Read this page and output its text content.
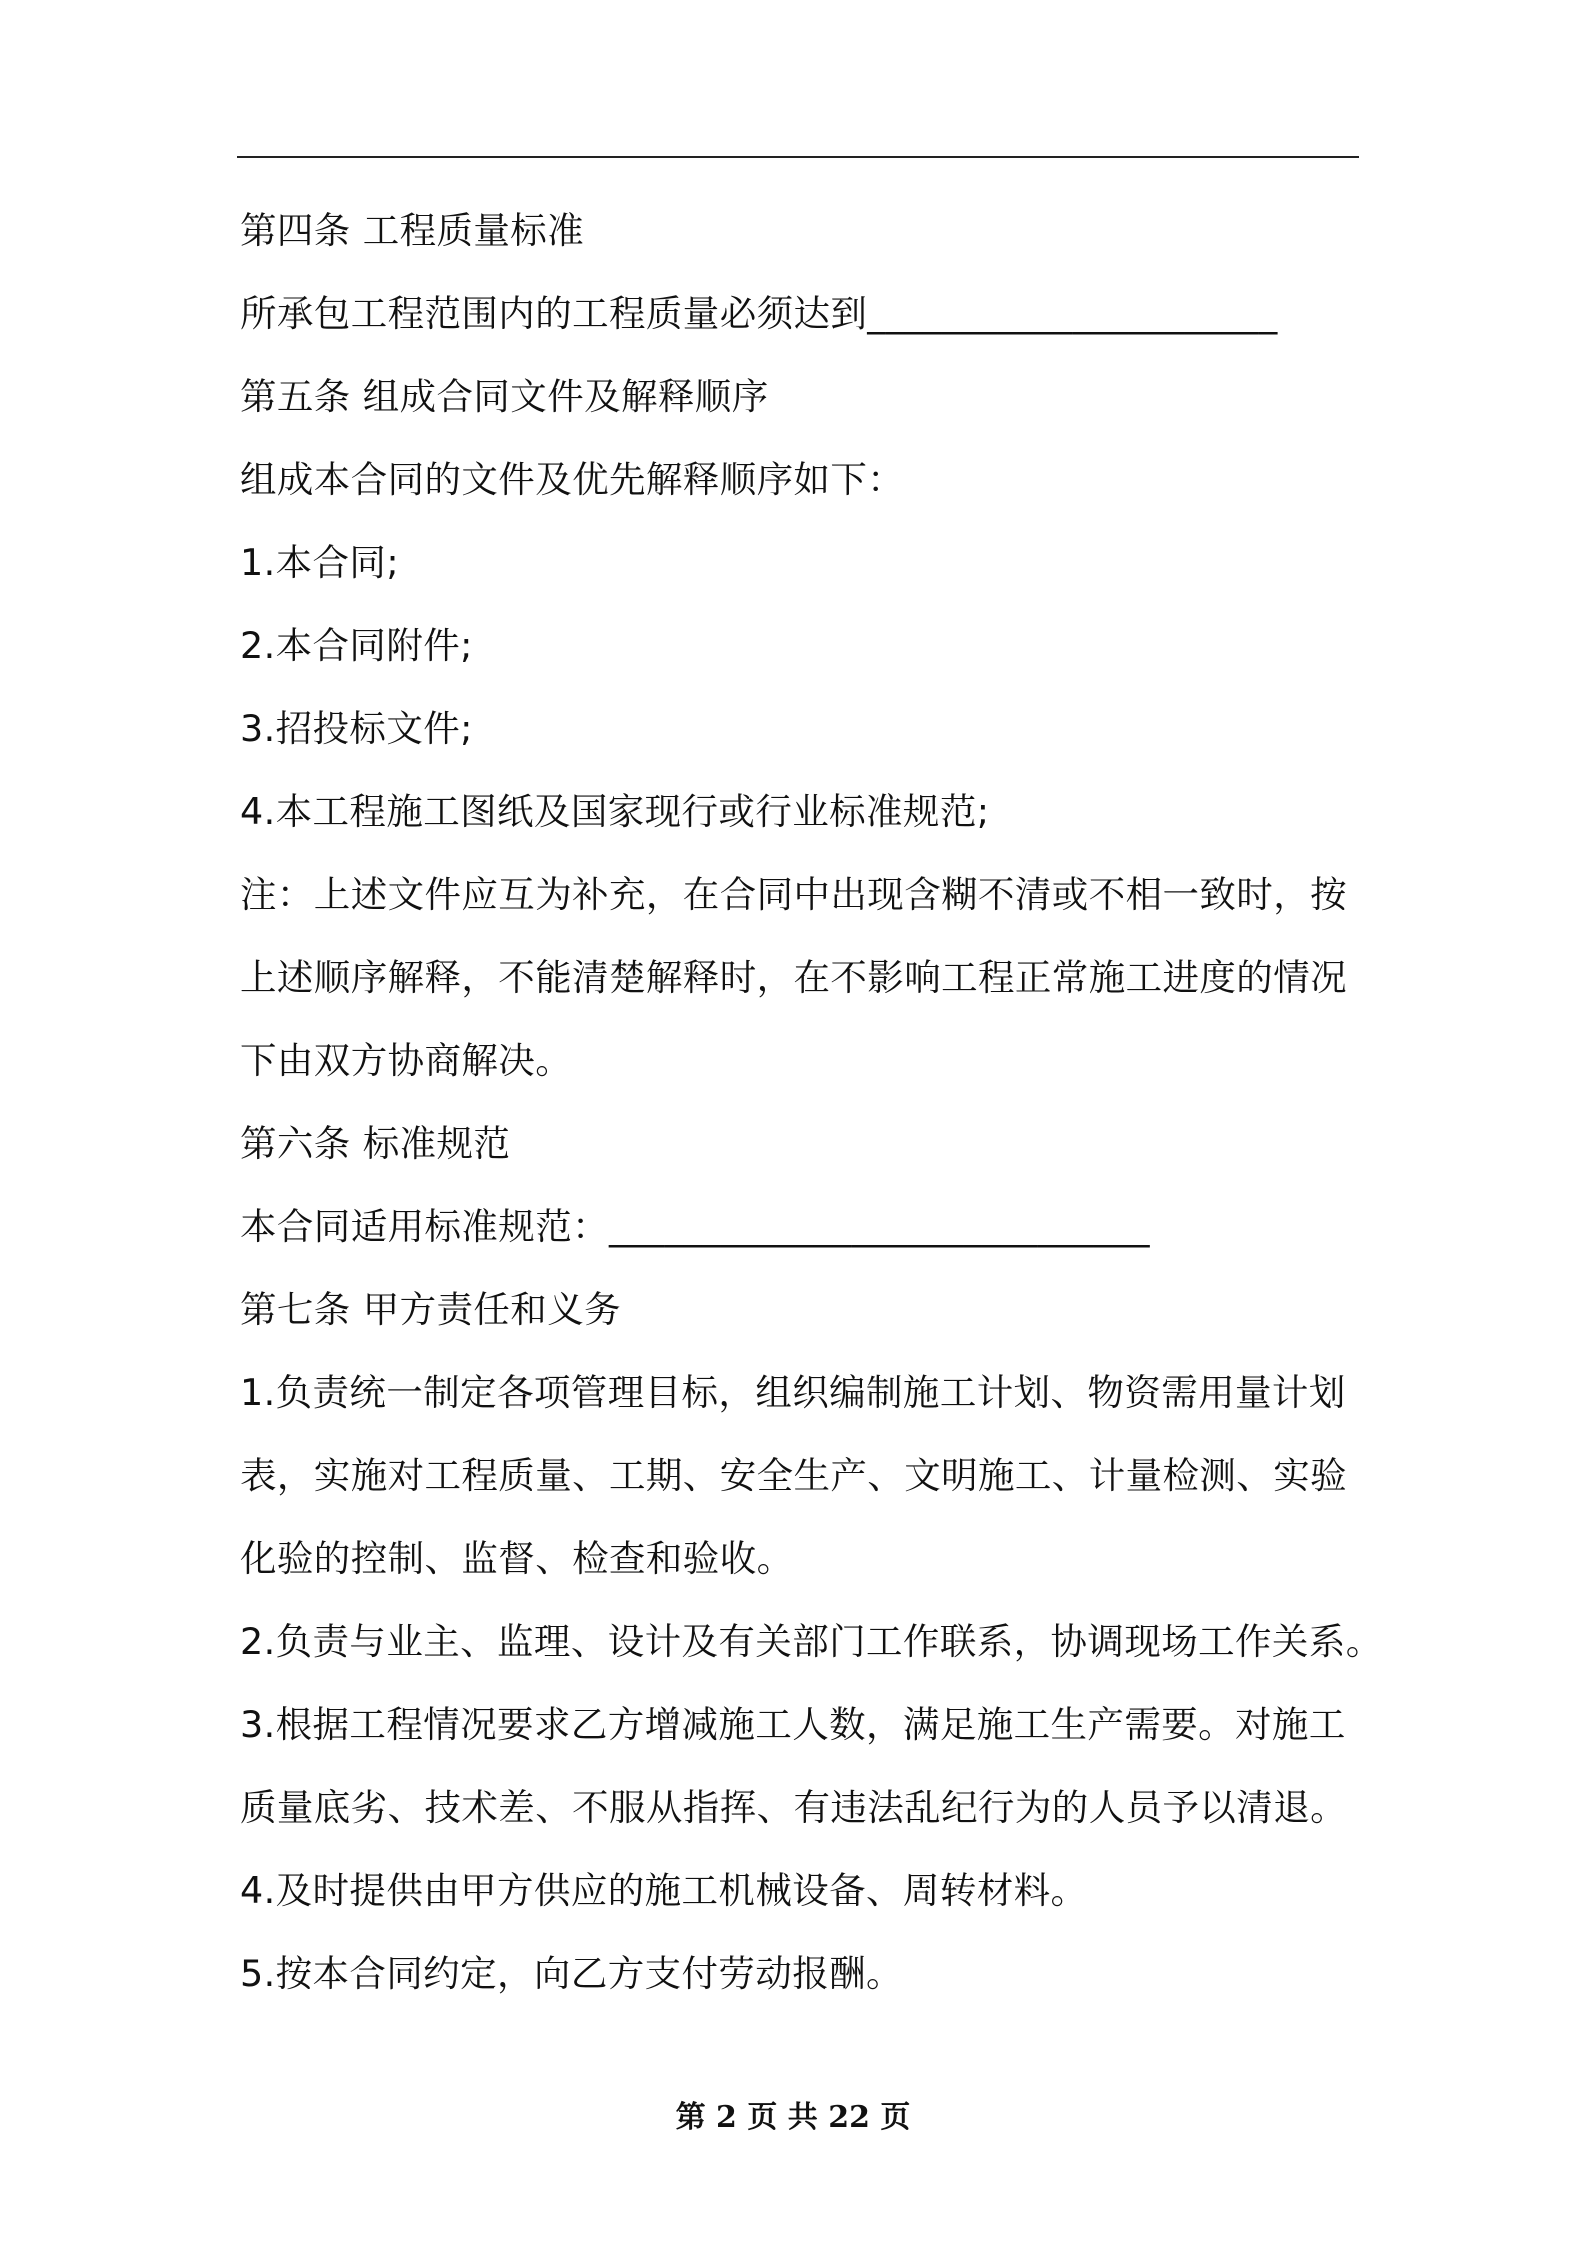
第四条 工程质量标准
所承包工程范围内的工程质量必须达到______________________
第五条 组成合同文件及解释顺序
组成本合同的文件及优先解释顺序如下：
1.本合同;
2.本合同附件;
3.招投标文件;
4.本工程施工图纸及国家现行或行业标准规范;
注：上述文件应互为补充，在合同中出现含糊不清或不相一致时，按
上述顺序解释，不能清楚解释时，在不影响工程正常施工进度的情况
下由双方协商解决。
第六条 标准规范
本合同适用标准规范：_____________________________
第七条 甲方责任和义务
1.负责统一制定各项管理目标，组织编制施工计划、物资需用量计划
表，实施对工程质量、工期、安全生产、文明施工、计量检测、实验
化验的控制、监督、检查和验收。
2.负责与业主、监理、设计及有关部门工作联系，协调现场工作关系。
3.根据工程情况要求乙方增减施工人数，满足施工生产需要。对施工
质量底劣、技术差、不服从指挥、有违法乱纪行为的人员予以清退。
4.及时提供由甲方供应的施工机械设备、周转材料。
5.按本合同约定，向乙方支付劳动报酬。
第 2 页 共 22 页
